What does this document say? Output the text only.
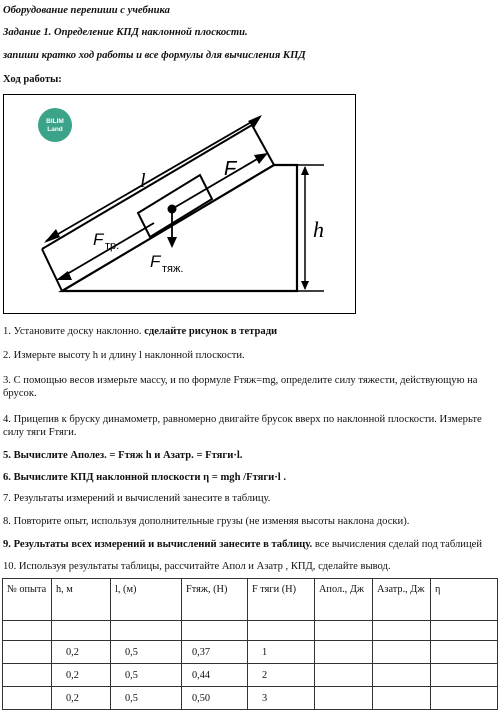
Оборудование перепиши с учебника
Задание 1. Определение КПД наклонной плоскости.
запиши кратко ход работы и все формулы для вычисления КПД
Ход работы:
BILIM
Land
l
F
h
F тр.
F тяж.
1. Установите доску наклонно. сделайте рисунок в тетради
2. Измерьте высоту h и длину l наклонной плоскости.
3. С помощью весов измерьте массу, и по формуле Fтяж=mg, определите силу тяжести, действующую на брусок.
4. Прицепив к бруску динамометр, равномерно двигайте брусок вверх по наклонной плоскости. Измерьте силу тяги Fтяги.
5. Вычислите Aполез. = Fтяж h и Aзатр. = Fтяги·l.
6. Вычислите КПД наклонной плоскости η = mgh /Fтяги·l .
7. Результаты измерений и вычислений занесите в таблицу.
8. Повторите опыт, используя дополнительные грузы (не изменяя высоты наклона доски).
9. Результаты всех измерений и вычислений занесите в таблицу. все вычисления сделай под таблицей
10. Используя результаты таблицы, рассчитайте Aпол и Aзатр , КПД, сделайте вывод.
№ опыта	h, м	l, (м)	Fтяж, (Н)	F тяги (Н)	Апол., Дж	Азатр., Дж	η

	0,2	0,5	0,37	1			
	0,2	0,5	0,44	2			
	0,2	0,5	0,50	3			
